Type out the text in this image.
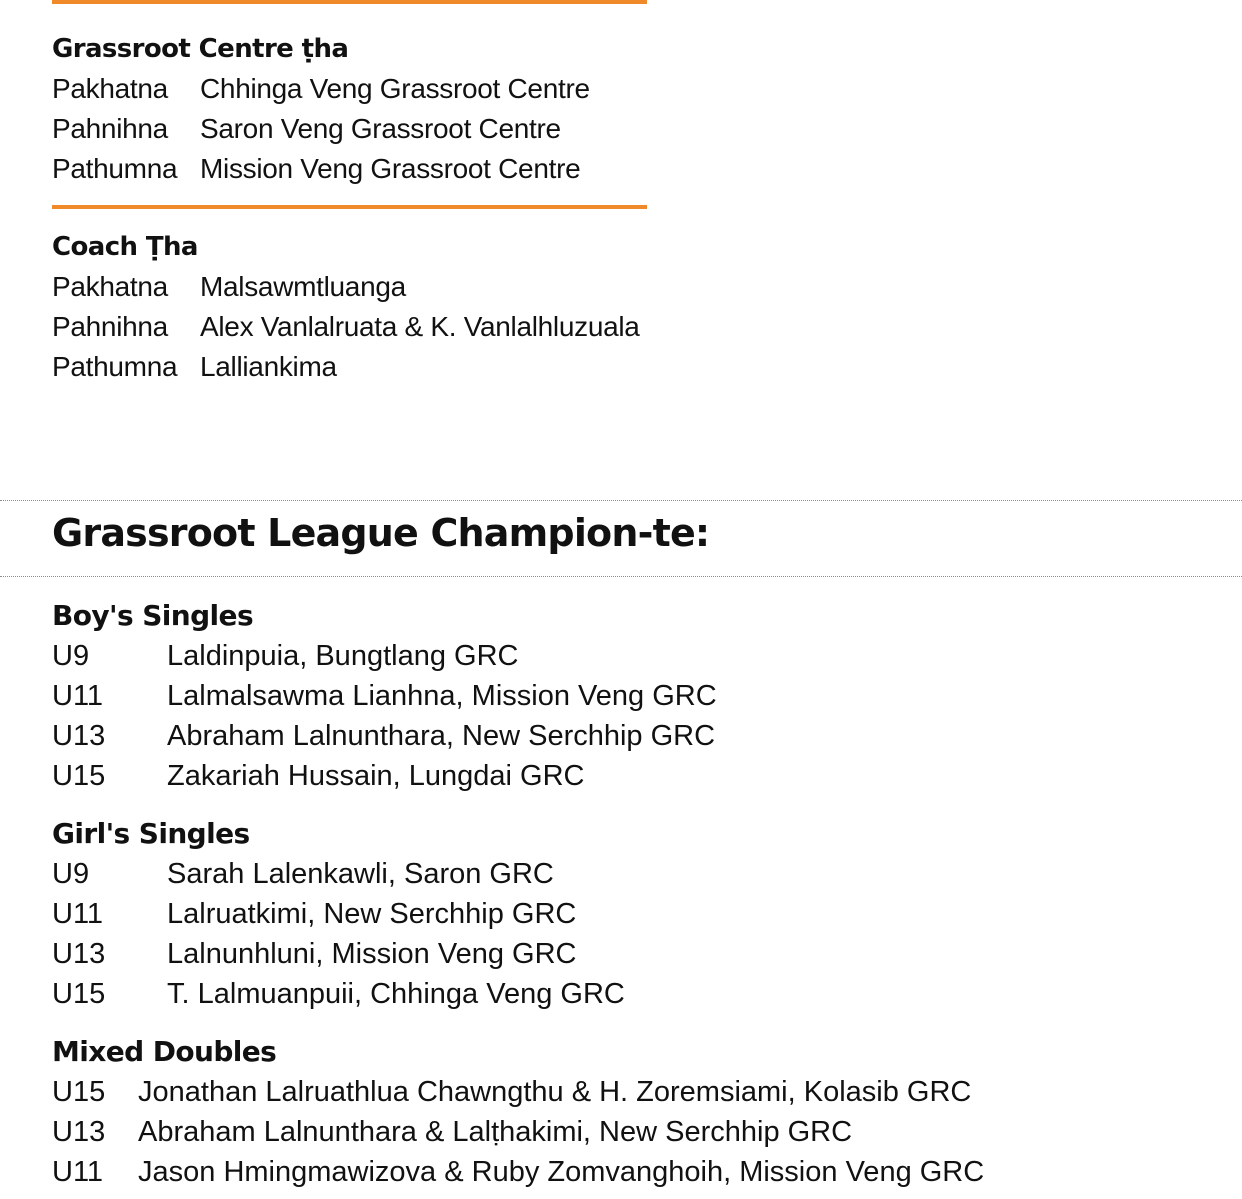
Grassroot Centre ṭha
Pakhatna	Chhinga Veng Grassroot Centre
Pahnihna	Saron Veng Grassroot Centre
Pathumna Mission Veng Grassroot Centre
Coach Ṭha
Pakhatna	Malsawmtluanga
Pahnihna	Alex Vanlalruata & K. Vanlalhluzuala
Pathumna Lalliankima
Grassroot League Champion-te:
Boy's Singles
U9	Laldinpuia, Bungtlang GRC
U11	Lalmalsawma Lianhna, Mission Veng GRC
U13	Abraham Lalnunthara, New Serchhip GRC
U15	Zakariah Hussain, Lungdai GRC
Girl's Singles
U9	Sarah Lalenkawli, Saron GRC
U11	Lalruatkimi, New Serchhip GRC
U13	Lalnunhluni, Mission Veng GRC
U15	T. Lalmuanpuii, Chhinga Veng GRC
Mixed Doubles
U15	Jonathan Lalruathlua Chawngthu & H. Zoremsiami, Kolasib GRC
U13	Abraham Lalnunthara & Lalṭhakimi, New Serchhip GRC
U11	Jason Hmingmawizova & Ruby Zomvanghoih, Mission Veng GRC
